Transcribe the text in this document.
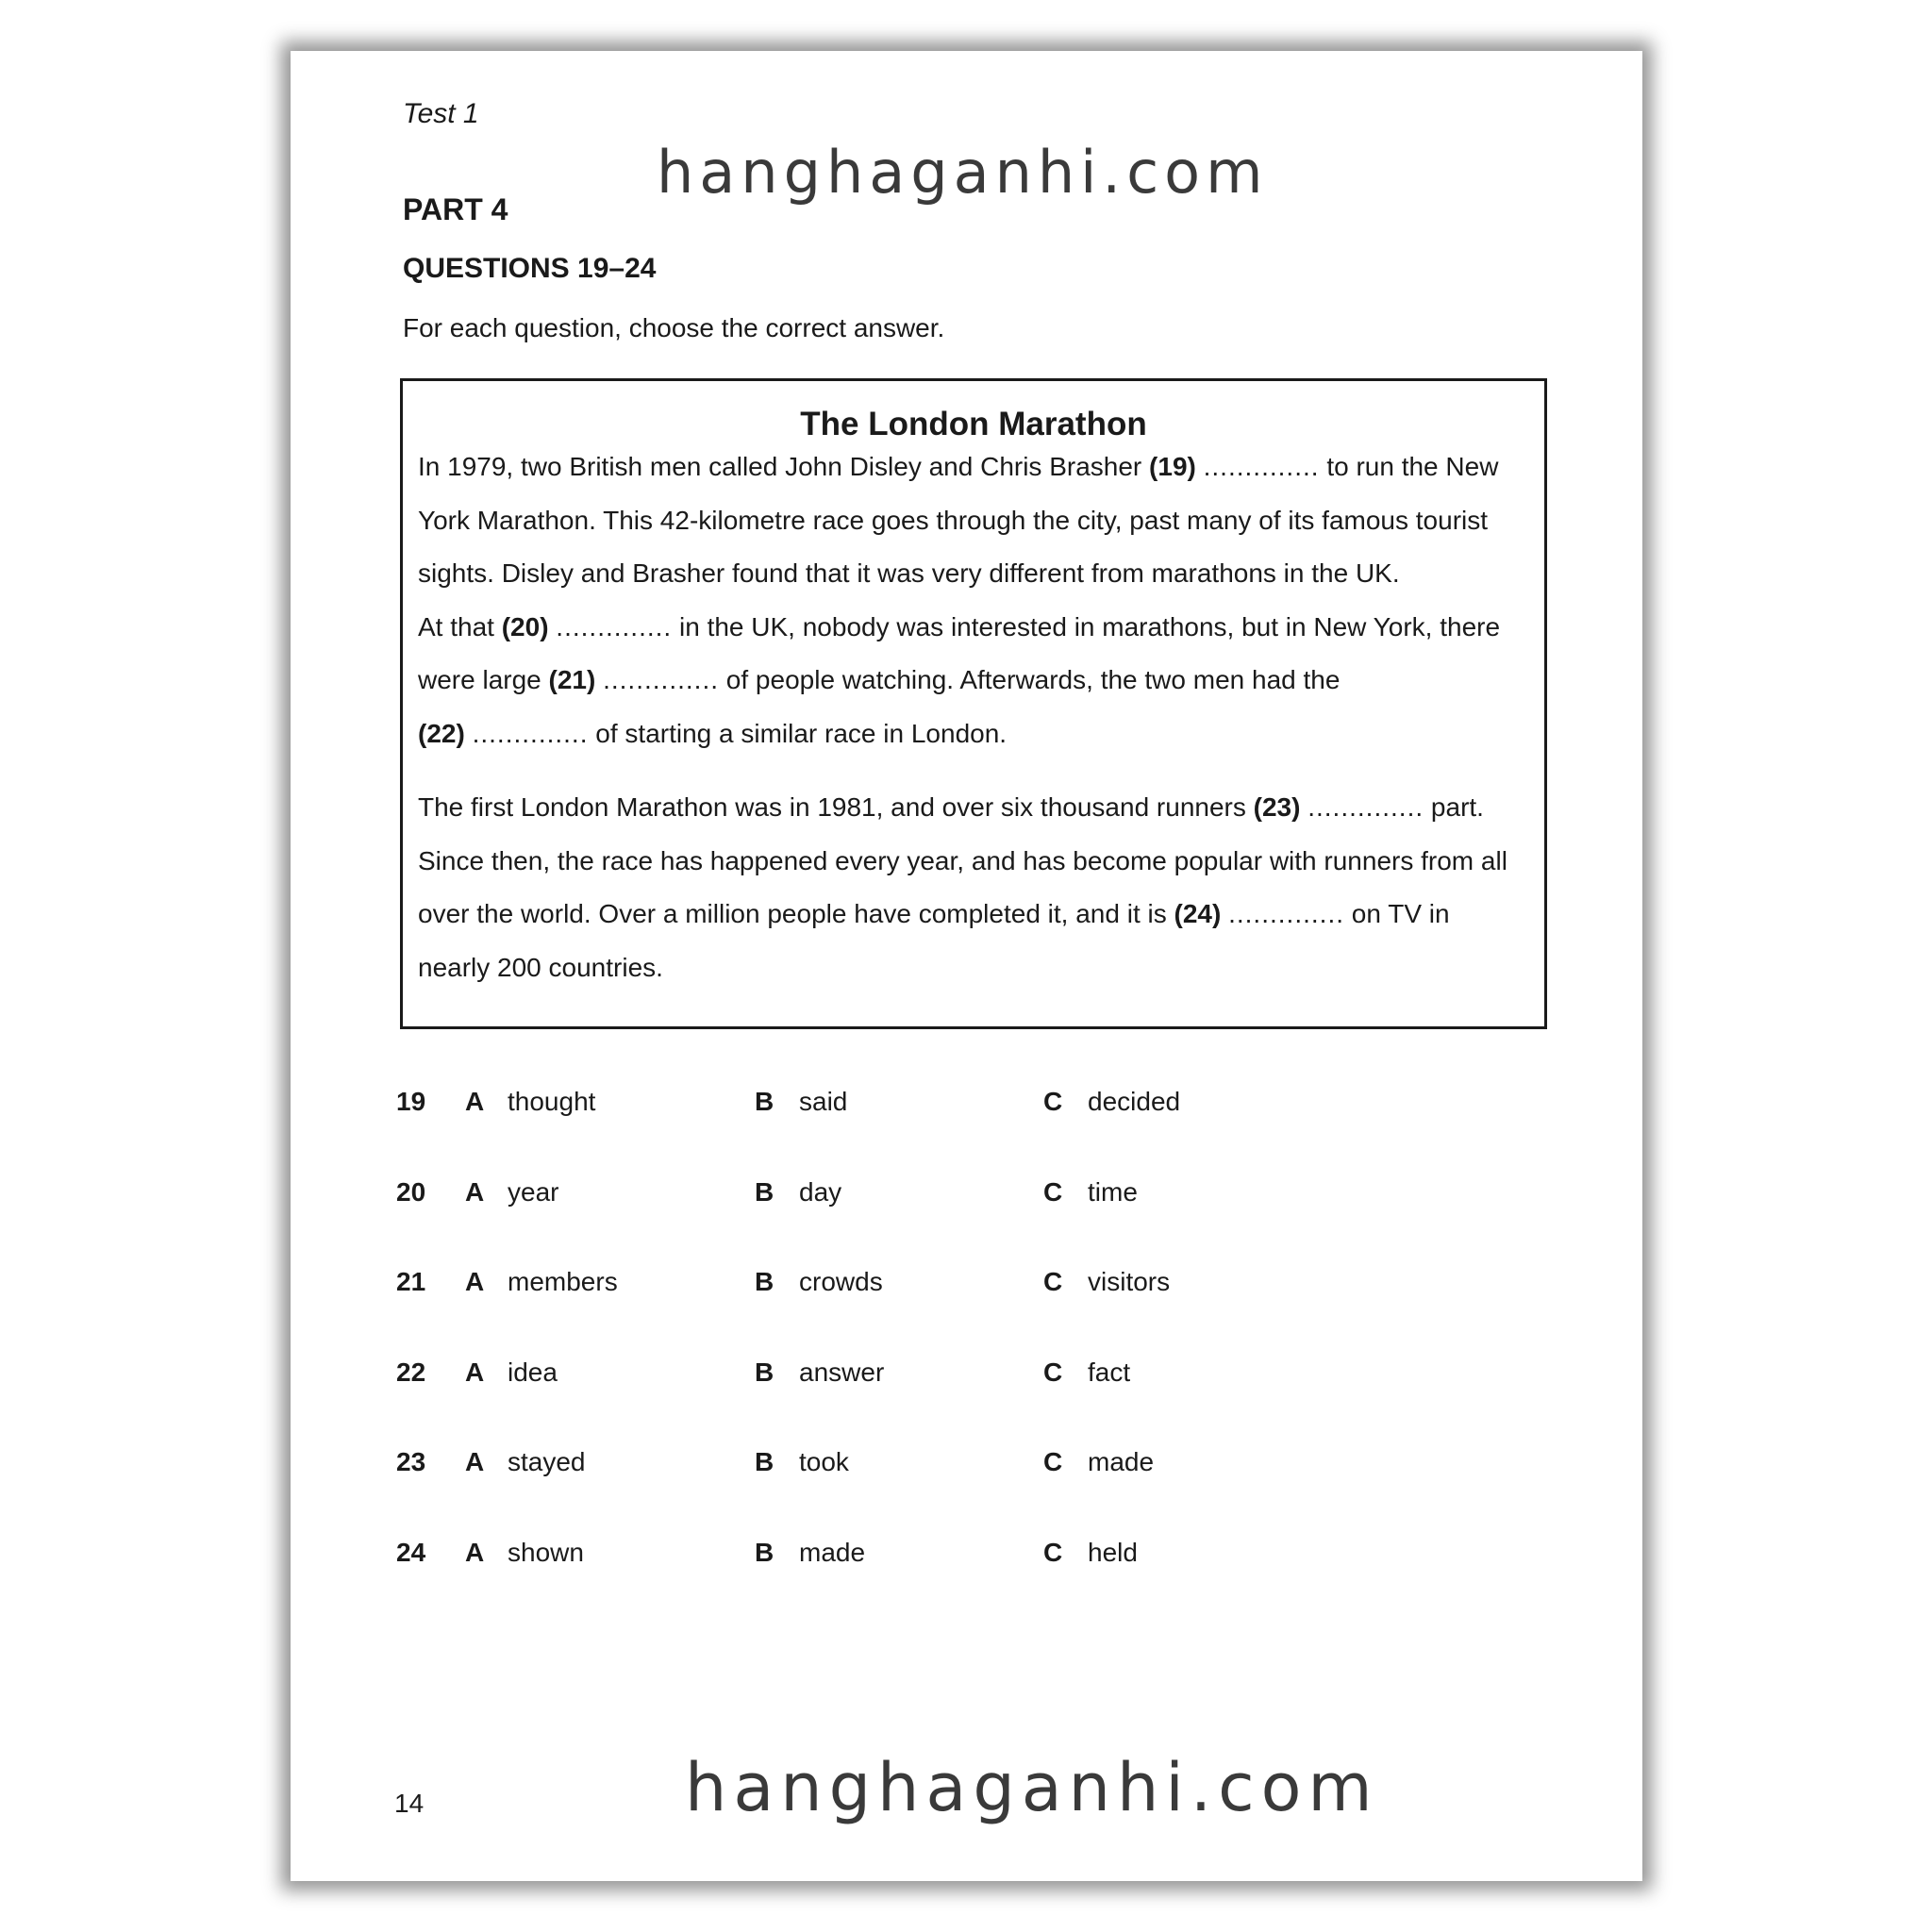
Test 1
hanghaganhi.com
PART 4
QUESTIONS 19–24
For each question, choose the correct answer.
The London Marathon
In 1979, two British men called John Disley and Chris Brasher (19) .............. to run the New York Marathon. This 42-kilometre race goes through the city, past many of its famous tourist sights. Disley and Brasher found that it was very different from marathons in the UK.
At that (20) .............. in the UK, nobody was interested in marathons, but in New York, there were large (21) .............. of people watching. Afterwards, the two men had the
(22) .............. of starting a similar race in London.
The first London Marathon was in 1981, and over six thousand runners (23) .............. part. Since then, the race has happened every year, and has become popular with runners from all over the world. Over a million people have completed it, and it is (24) .............. on TV in nearly 200 countries.
19 A thought	B said	C decided
20 A year	B day	C time
21 A members	B crowds	C visitors
22 A idea	B answer	C fact
23 A stayed	B took	C made
24 A shown	B made	C held
14	hanghaganhi.com
